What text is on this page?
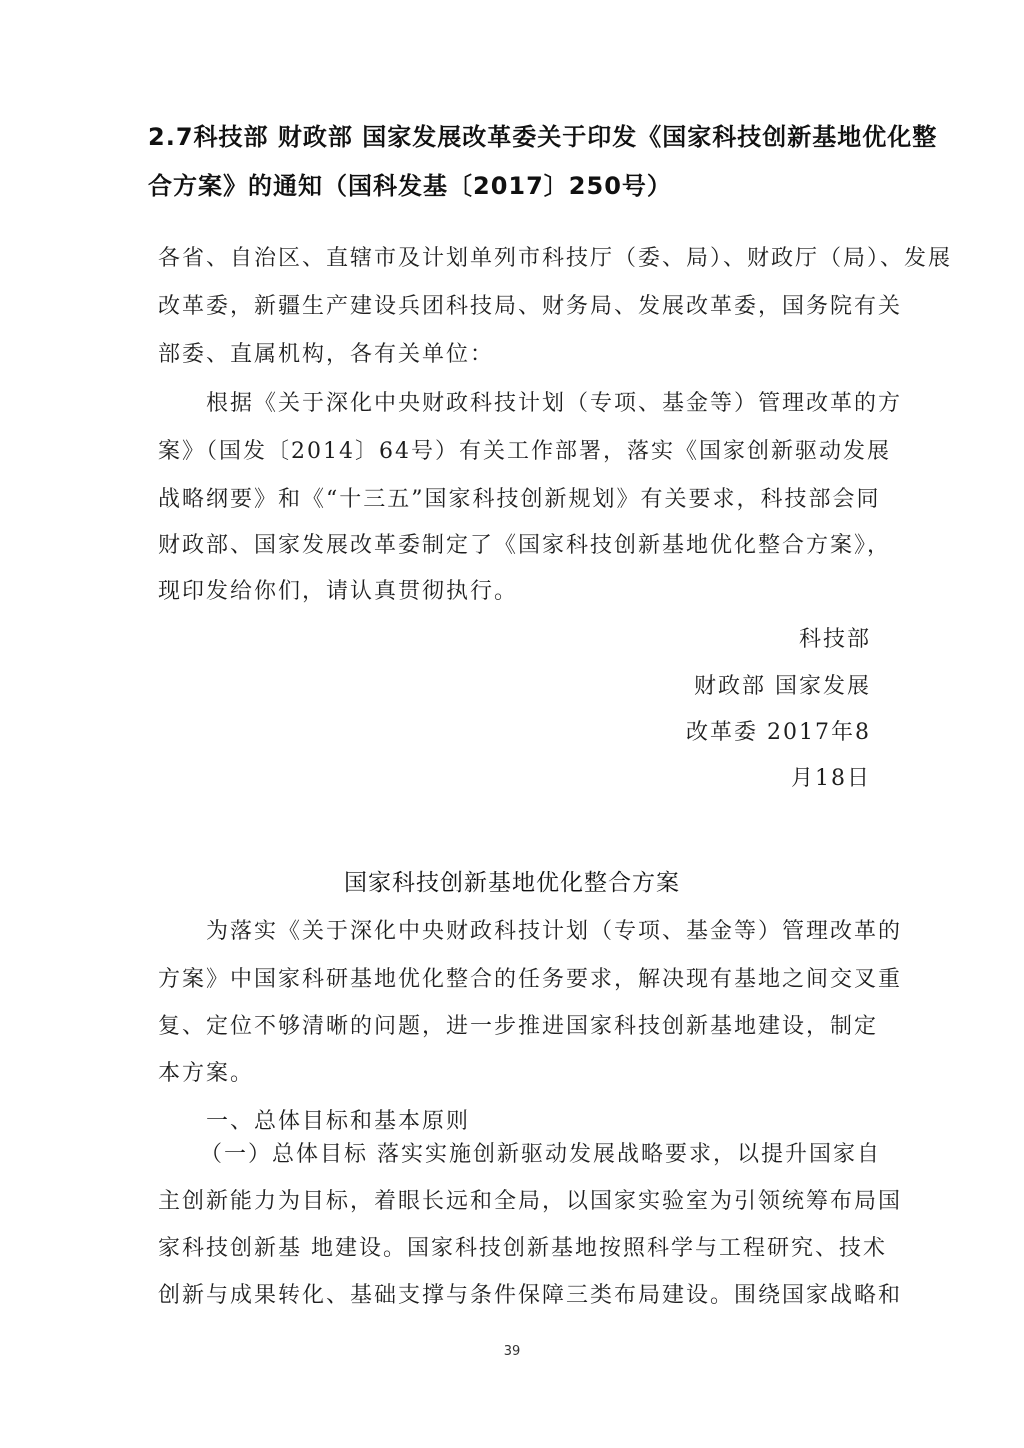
2.7科技部 财政部 国家发展改革委关于印发《国家科技创新基地优化整
合方案》的通知（国科发基〔2017〕250号）
各省、自治区、直辖市及计划单列市科技厅（委、局）、财政厅（局）、发展
改革委，新疆生产建设兵团科技局、财务局、发展改革委，国务院有关
部委、直属机构，各有关单位：
根据《关于深化中央财政科技计划（专项、基金等）管理改革的方
案》（国发〔2014〕64号）有关工作部署，落实《国家创新驱动发展
战略纲要》和《“十三五”国家科技创新规划》有关要求，科技部会同
财政部、国家发展改革委制定了《国家科技创新基地优化整合方案》，
现印发给你们，请认真贯彻执行。
科技部
财政部 国家发展
改革委 2017年8
月18日
国家科技创新基地优化整合方案
为落实《关于深化中央财政科技计划（专项、基金等）管理改革的
方案》中国家科研基地优化整合的任务要求，解决现有基地之间交叉重
复、定位不够清晰的问题，进一步推进国家科技创新基地建设，制定
本方案。
一、总体目标和基本原则
（一）总体目标 落实实施创新驱动发展战略要求，以提升国家自
主创新能力为目标，着眼长远和全局，以国家实验室为引领统筹布局国
家科技创新基 地建设。国家科技创新基地按照科学与工程研究、技术
创新与成果转化、基础支撑与条件保障三类布局建设。围绕国家战略和
39
